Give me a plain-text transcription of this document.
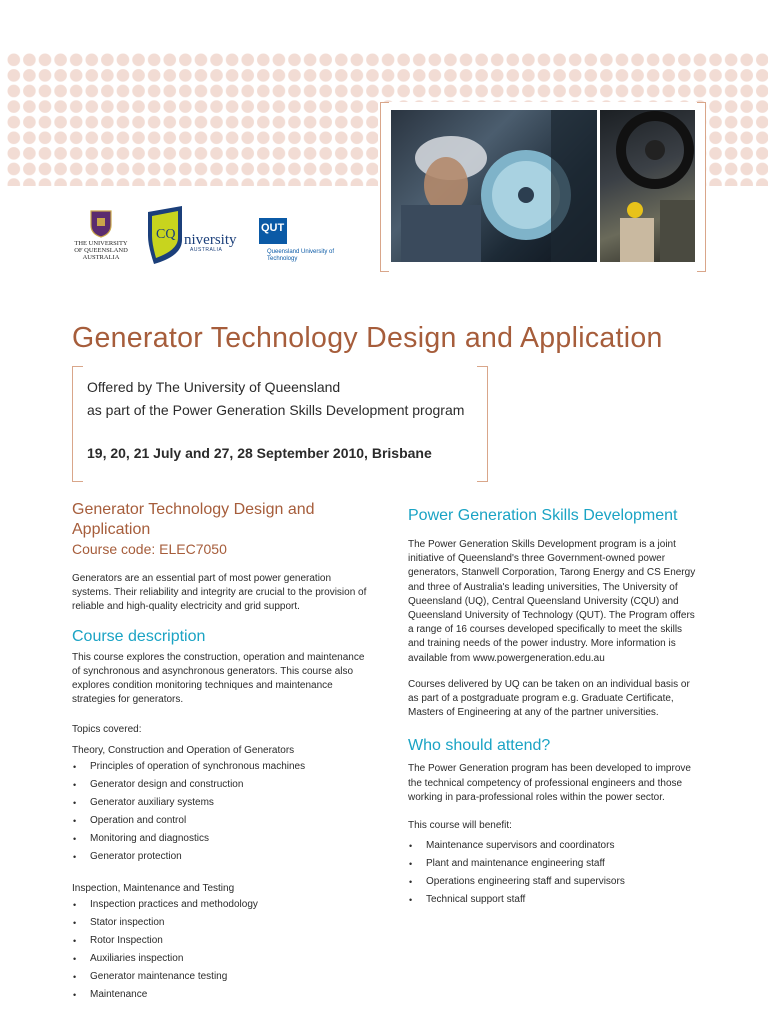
THE UNIVERSITY OF QUEENSLAND AUSTRALIA
CQ niversity
AUSTRALIA
QUT
Queensland University of Technology
Generator Technology Design and Application
Offered by The University of Queensland
as part of the Power Generation Skills Development program
19, 20, 21 July and 27, 28 September 2010, Brisbane
Generator Technology Design and Application
Course code: ELEC7050

Generators are an essential part of most power generation systems. Their reliability and integrity are crucial to the provision of reliable and high-quality electricity and grid support.

Course description

This course explores the construction, operation and maintenance of synchronous and asynchronous generators. This course also explores condition monitoring techniques and maintenance strategies for generators.

Topics covered:

Theory, Construction and Operation of Generators

• Principles of operation of synchronous machines
• Generator design and construction
• Generator auxiliary systems
• Operation and control
• Monitoring and diagnostics
• Generator protection

Inspection, Maintenance and Testing

• Inspection practices and methodology
• Stator inspection
• Rotor Inspection
• Auxiliaries inspection
• Generator maintenance testing
• Maintenance
Power Generation Skills Development

The Power Generation Skills Development program is a joint initiative of Queensland's three Government-owned power generators, Stanwell Corporation, Tarong Energy and CS Energy and three of Australia's leading universities, The University of Queensland (UQ), Central Queensland University (CQU) and Queensland University of Technology (QUT). The Program offers a range of 16 courses developed specifically to meet the skills and training needs of the power industry. More information is available from www.powergeneration.edu.au

Courses delivered by UQ can be taken on an individual basis or as part of a postgraduate program e.g. Graduate Certificate, Masters of Engineering at any of the partner universities.

Who should attend?

The Power Generation program has been developed to improve the technical competency of professional engineers and those working in para-professional roles within the power sector.

This course will benefit:

• Maintenance supervisors and coordinators
• Plant and maintenance engineering staff
• Operations engineering staff and supervisors
• Technical support staff
